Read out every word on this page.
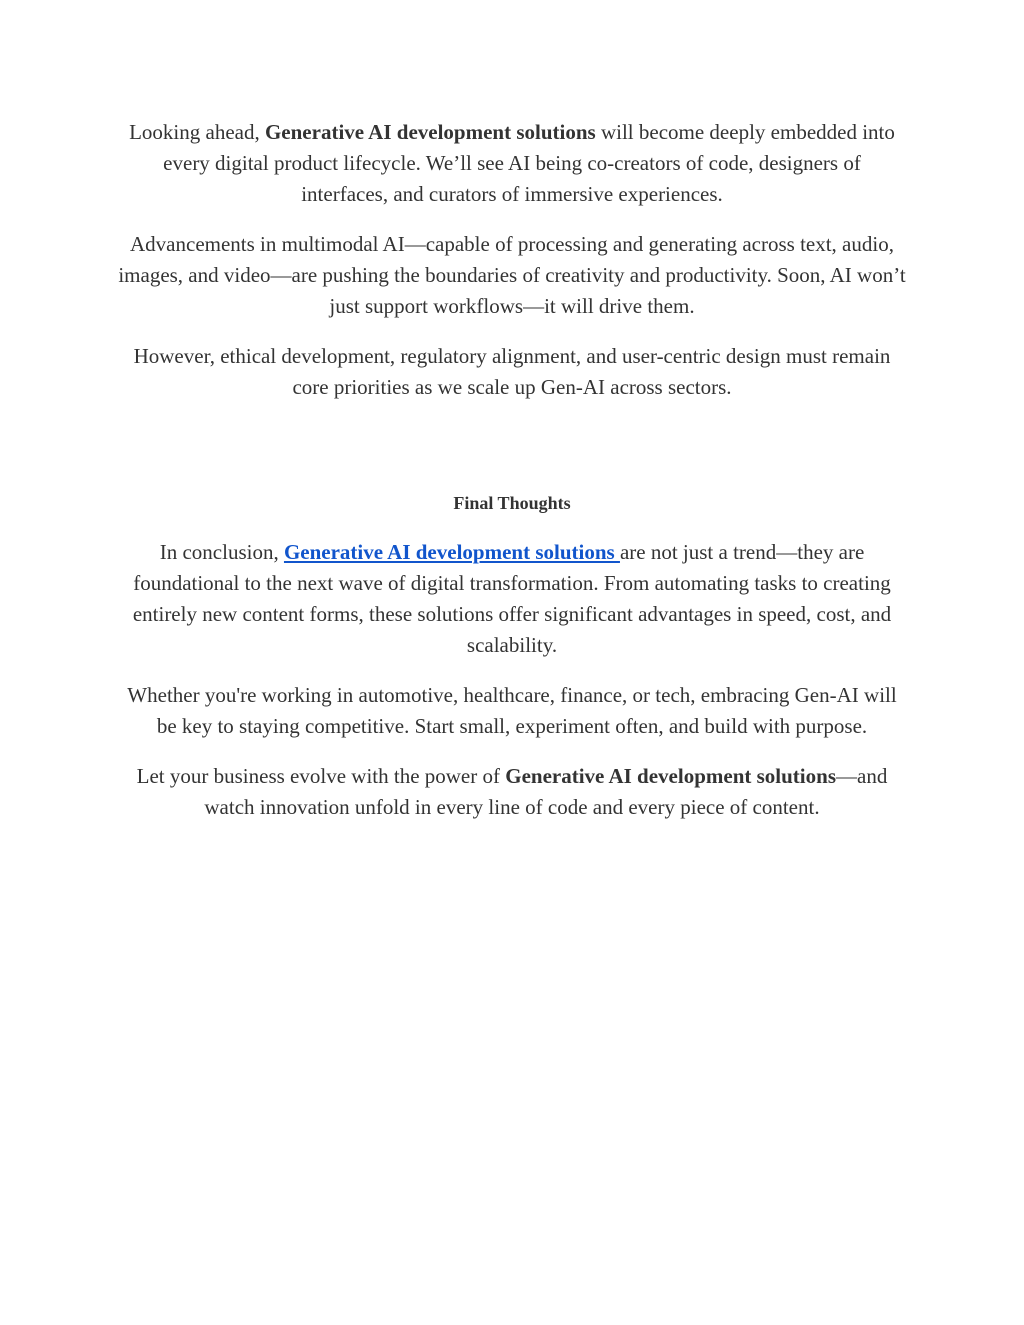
Looking ahead, Generative AI development solutions will become deeply embedded into every digital product lifecycle. We’ll see AI being co-creators of code, designers of interfaces, and curators of immersive experiences.

Advancements in multimodal AI—capable of processing and generating across text, audio, images, and video—are pushing the boundaries of creativity and productivity. Soon, AI won’t just support workflows—it will drive them.

However, ethical development, regulatory alignment, and user-centric design must remain core priorities as we scale up Gen-AI across sectors.

Final Thoughts

In conclusion, Generative AI development solutions are not just a trend—they are foundational to the next wave of digital transformation. From automating tasks to creating entirely new content forms, these solutions offer significant advantages in speed, cost, and scalability.

Whether you're working in automotive, healthcare, finance, or tech, embracing Gen-AI will be key to staying competitive. Start small, experiment often, and build with purpose.

Let your business evolve with the power of Generative AI development solutions—and watch innovation unfold in every line of code and every piece of content.
